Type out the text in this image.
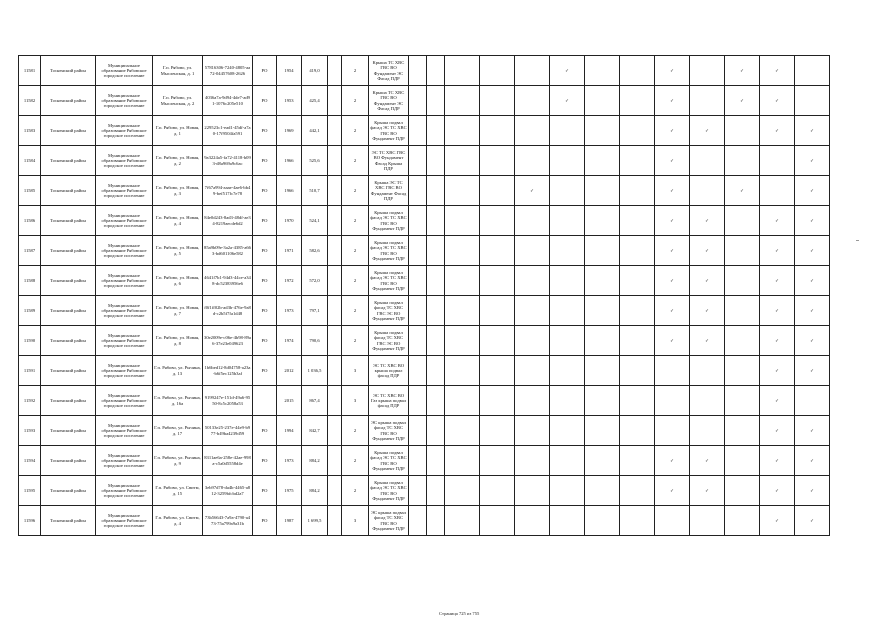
11581	Тосненский район	Муниципальное образование Рябовское городское поселение	Г.п. Рябово, ул. Мысленская, д. 1	57816306-7240-4805-aa72-04457608-2626	РО	1954	419,0		2	Крыша ТС ХВС ГВС ВО Фундамент ЭС Фасад ПДР						✓			✓		✓	✓	
11582	Тосненский район	Муниципальное образование Рябовское городское поселение	Г.п. Рябово, ул. Мысленская, д. 2	4036a7a-9d94-4de7-ad91-1076c205e510	РО	1953	425,4		2	Крыша ТС ХВС ГВС ВО Фундамент ЭС Фасад ПДР						✓			✓		✓	✓	
11583	Тосненский район	Муниципальное образование Рябовское городское поселение	Г.п. Рябово, ул. Новая, д. 1	229523c1-ead1-45df-a7a0-17f9504fa591	РО	1969	442,1		2	Крыша подвал фасад ЭС ТС ХВС ГВС ВО Фундамент ПДР									✓	✓		✓	✓
11584	Тосненский район	Муниципальное образование Рябовское городское поселение	Г.п. Рябово, ул. Новая, д. 2	9a3224a5-fa72-4118-b093-d8a969a9c6ac	РО	1966	525,6		2	ЭС ТС ХВС ГВС ВО Фундамент Фасад Крыша ПДР									✓				✓
11585	Тосненский район	Муниципальное образование Рябовское городское поселение	Г.п. Рябово, ул. Новая, д. 3	7f67a994-aaae-4ae6-bb49-bef517fc7e78	РО	1966	510,7		2	Крыша ЭС ТС ХВС ГВС ВО Фундамент Фасад ПДР					✓				✓		✓		✓
11586	Тосненский район	Муниципальное образование Рябовское городское поселение	Г.п. Рябово, ул. Новая, д. 4	84e0d243-8ad3-48df-ae34-8219aecde6d2	РО	1970	524,1		2	Крыша подвал фасад ЭС ТС ХВС ГВС ВО Фундамент ПДР									✓	✓		✓	✓
11587	Тосненский район	Муниципальное образование Рябовское городское поселение	Г.п. Рябово, ул. Новая, д. 5	85a9b09e-3a2a-4385-a663-bd601106e582	РО	1971	582,6		2	Крыша подвал фасад ЭС ТС ХВС ГВС ВО Фундамент ПДР									✓	✓		✓	✓
11588	Тосненский район	Муниципальное образование Рябовское городское поселение	Г.п. Рябово, ул. Новая, д. 6	4641f7b1-94d3-44ce-a348-dc52383956e6	РО	1972	572,0		2	Крыша подвал фасад ЭС ТС ХВС ГВС ВО Фундамент ПДР									✓	✓		✓	✓
11589	Тосненский район	Муниципальное образование Рябовское городское поселение	Г.п. Рябово, ул. Новая, д. 7	f0f1ff02b-ad3b-476e-9a8d-c2b5f7fa1d48	РО	1973	797,1		2	Крыша подвал фасад ТС ХВС ГВС ЭС ВО Фундамент ПДР									✓	✓		✓	✓
11590	Тосненский район	Муниципальное образование Рябовское городское поселение	Г.п. Рябово, ул. Новая, д. 8	30e2009e-c06e-4b98-89a6-37e23e049623	РО	1974	790,6		2	Крыша подвал фасад ТС ХВС ГВС ЭС ВО Фундамент ПДР									✓	✓		✓	✓
11591	Тосненский район	Муниципальное образование Рябовское городское поселение	Г.п. Рябово, ул. Рычина, д. 13	1b6bed12-8d04758-a23a-b6f5ec125b3af	РО	2012	1 036,5		3	ЭС ТС ХВС ВО крыша подвал фасад ПДР												✓	✓
11592	Тосненский район	Муниципальное образование Рябовское городское поселение	Г.п. Рябово, ул. Рычина, д. 16а	9199247e-151d-49a6-9550-8c5c2058a53		2015	867,4		3	ЭС ТС ХВС ВО Газ крыша подвал фасад ПДР												✓	
11593	Тосненский район	Муниципальное образование Рябовское городское поселение	Г.п. Рябово, ул. Рычина, д. 17	50133e25-237e-44e9-b977-b49ba4239d59	РО	1994	842,7		2	ЭС крыша подвал фасад ТС ХВС ГВС ВО Фундамент ПДР												✓	✓
11594	Тосненский район	Муниципальное образование Рябовское городское поселение	Г.п. Рябово, ул. Рычина, д. 9	8311ae6a-258e-42ae-998a-c5a0d5558d4e	РО	1973	884,2		2	Крыша подвал фасад ЭС ТС ХВС ГВС ВО Фундамент ПДР									✓	✓		✓	✓
11595	Тосненский район	Муниципальное образование Рябовское городское поселение	Г.п. Рябово, ул. Свитм, д. 15	3eb97d78-da4b-4465-a812-3259bfcbd2a7	РО	1975	884,2		2	Крыша подвал фасад ЭС ТС ХВС ГВС ВО Фундамент ПДР									✓	✓		✓	✓
11596	Тосненский район	Муниципальное образование Рябовское городское поселение	Г.п. Рябово, ул. Свитм, д. 4	73b56643-7a9a-4790-a473-75a799a9a31b	РО	1987	1 699,5		3	ЭС крыша подвал фасад ТС ХВС ГВС ВО Фундамент ПДР												✓	✓
Страница 725 из 755
